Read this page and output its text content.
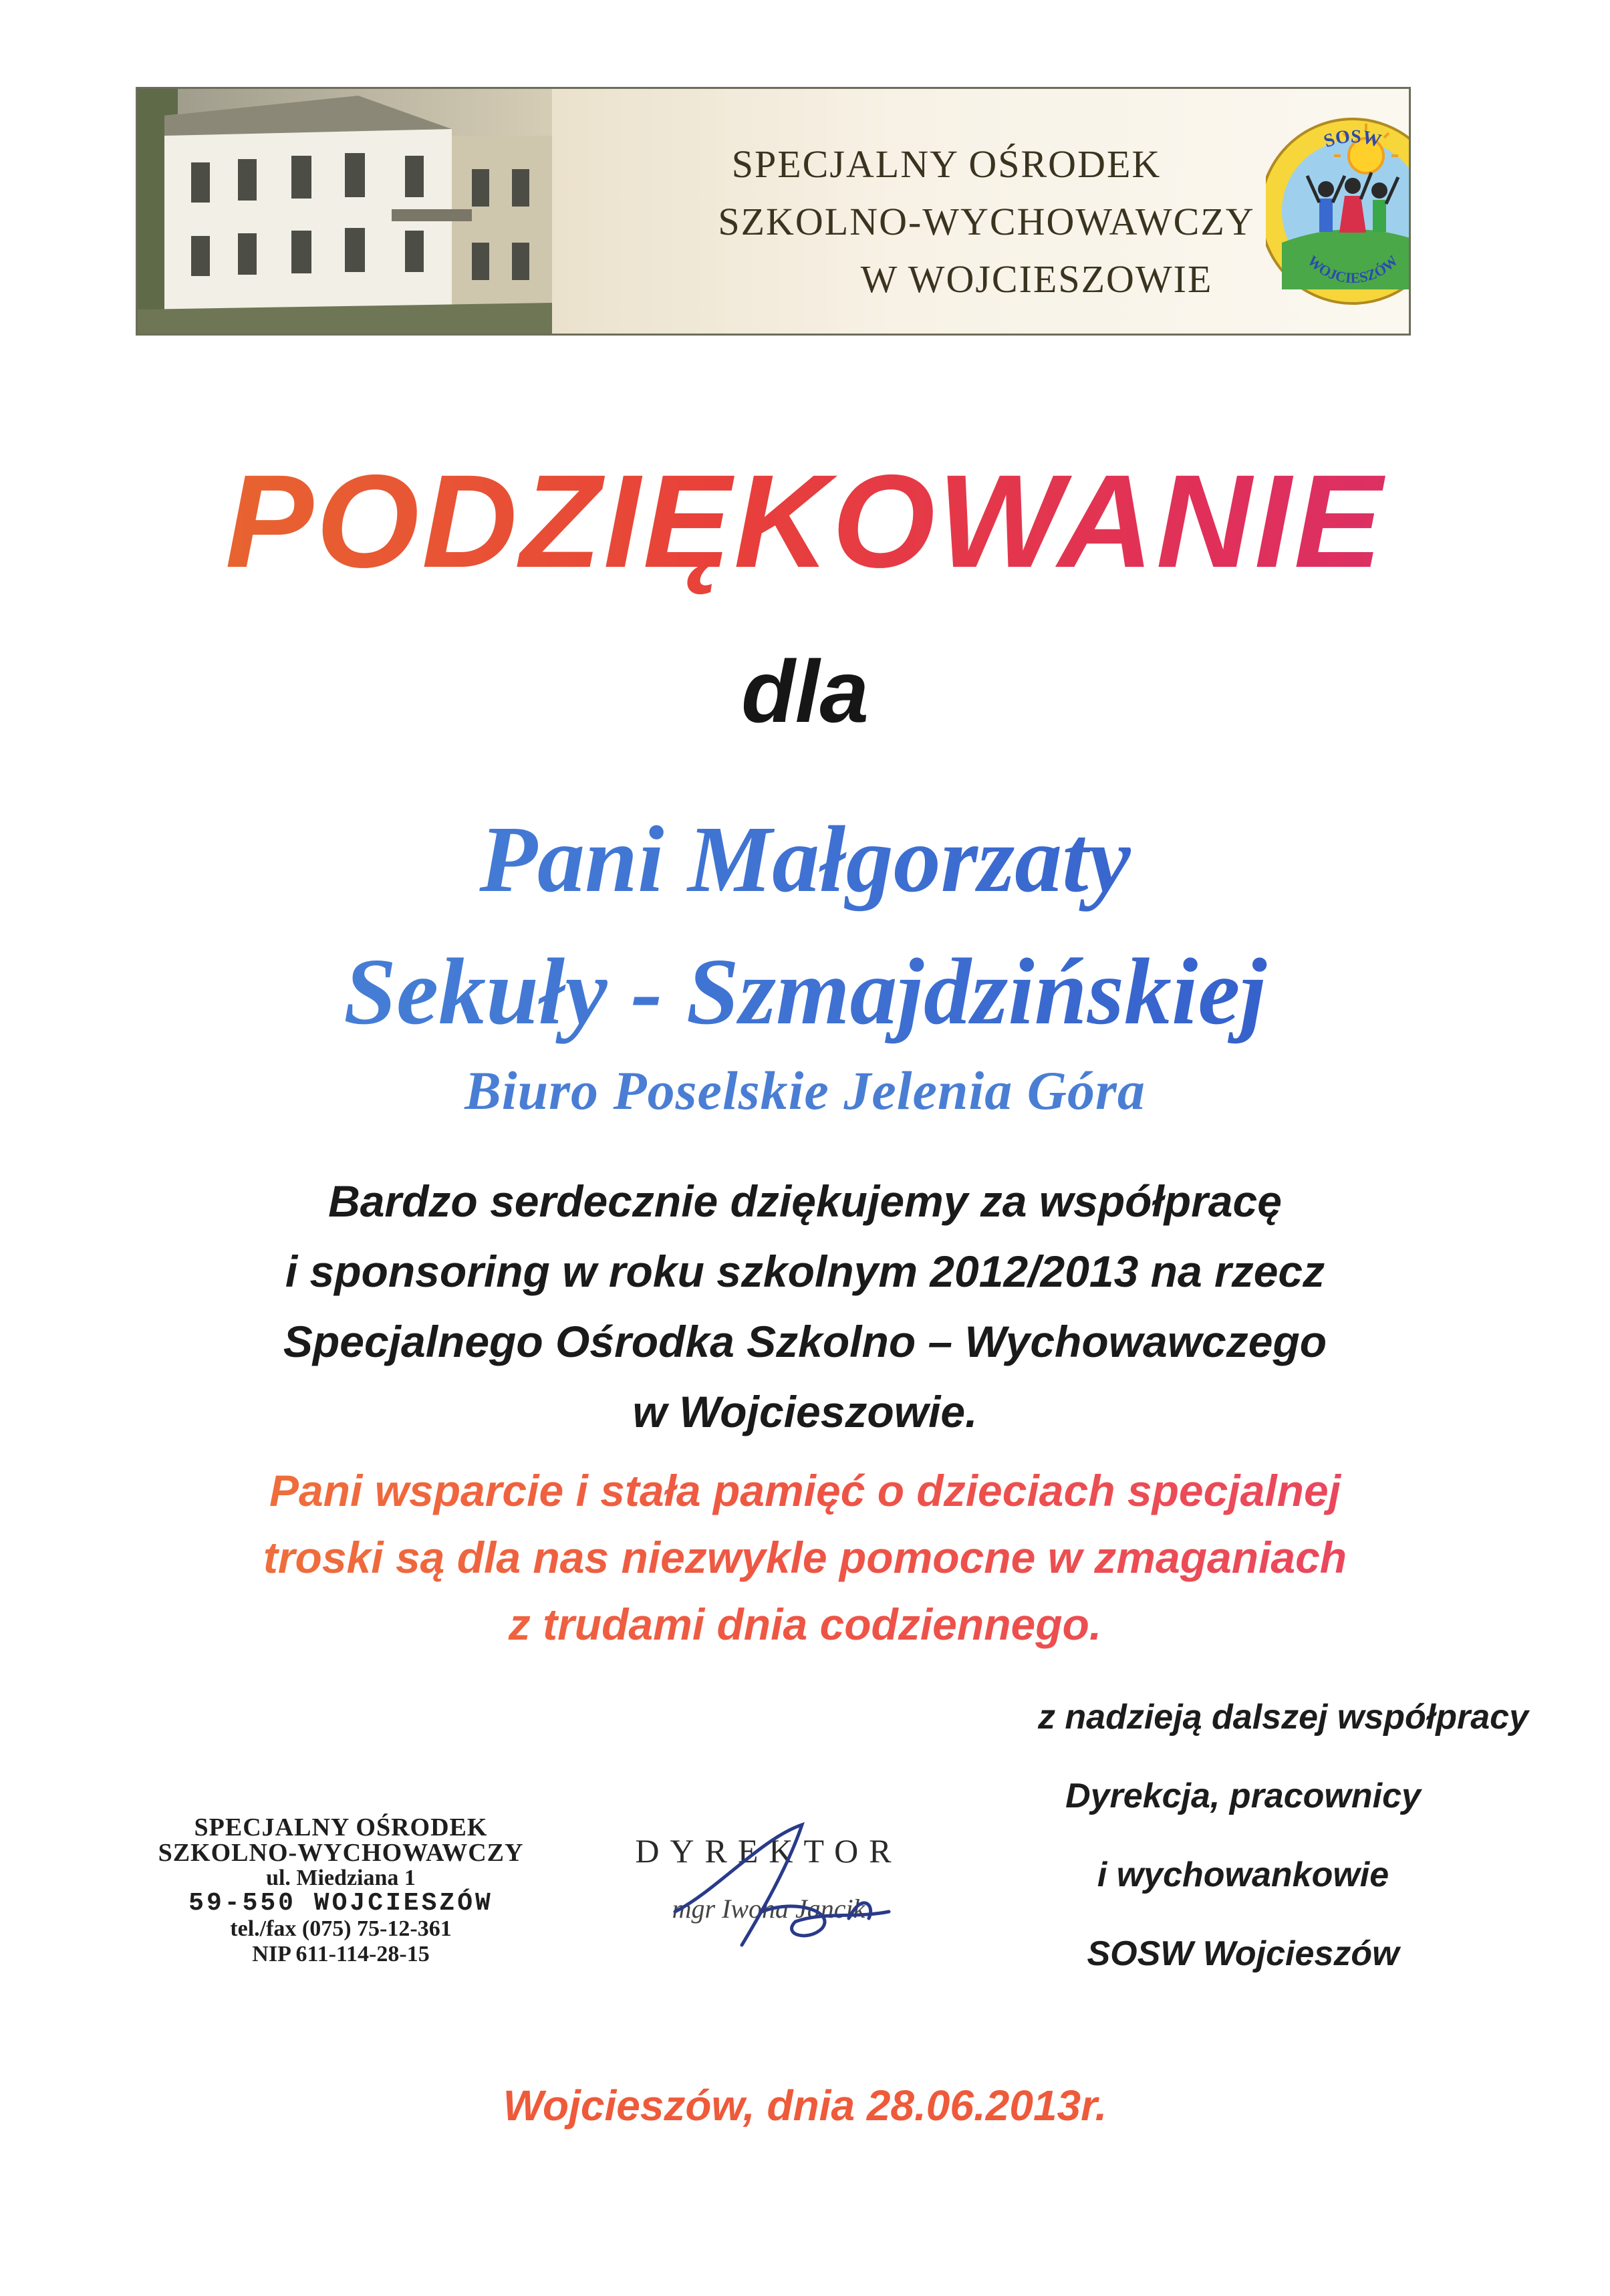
SPECJALNY OŚRODEK
SZKOLNO-WYCHOWAWCZY
W WOJCIESZOWIE
SOSW
WOJCIESZÓW
PODZIĘKOWANIE
dla
Pani Małgorzaty
Sekuły - Szmajdzińskiej
Biuro Poselskie Jelenia Góra
Bardzo serdecznie dziękujemy za współpracę
i sponsoring w roku szkolnym 2012/2013 na rzecz
Specjalnego Ośrodka Szkolno – Wychowawczego
w Wojcieszowie.
Pani wsparcie i stała pamięć o dzieciach specjalnej
troski są dla nas niezwykle pomocne w zmaganiach
z trudami dnia codziennego.
z nadzieją dalszej współpracy
Dyrekcja, pracownicy
i wychowankowie
SOSW Wojcieszów
SPECJALNY OŚRODEK
SZKOLNO-WYCHOWAWCZY
ul. Miedziana 1
59-550 WOJCIESZÓW
tel./fax (075) 75-12-361
NIP 611-114-28-15
DYREKTOR
mgr Iwona Jancik
Wojcieszów, dnia 28.06.2013r.
